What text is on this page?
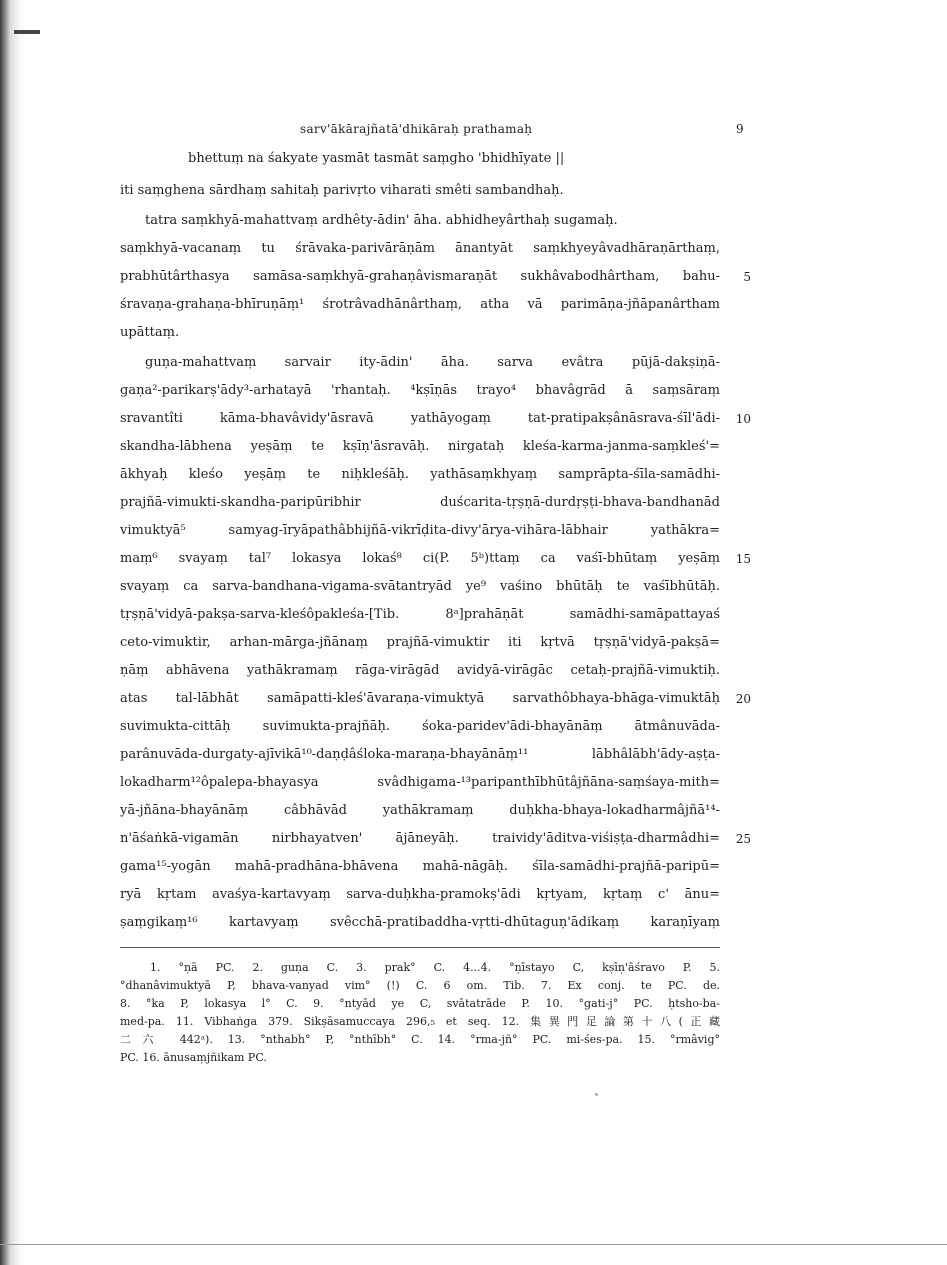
sarv'ākārajñatā'dhikāraḥ prathamaḥ	9
bhettuṃ na śakyate yasmāt tasmāt saṃgho 'bhidhīyate ||
iti saṃghena sārdhaṃ sahitaḥ parivṛto viharati smêti sambandhaḥ.
tatra saṃkhyā-mahattvaṃ ardhêty-ādin' āha. abhidheyârthaḥ sugamaḥ.
saṃkhyā-vacanaṃ tu śrāvaka-parivārāṇām ānantyāt saṃkhyeyâvadhāraṇārthaṃ,
prabhūtârthasya samāsa-saṃkhyā-grahaṇâvismaraṇāt sukhâvabodhârtham, bahu-
śravaṇa-grahaṇa-bhīruṇāṃ¹ śrotrâvadhānârthaṃ, atha vā parimāṇa-jñāpanârtham
upāttaṃ.
guṇa-mahattvaṃ sarvair ity-ādin' āha. sarva evâtra pūjā-dakṣiṇā-
gaṇa²-parikarṣ'ādy³-arhatayā 'rhantaḥ. ⁴kṣīṇās trayo⁴ bhavâgrād ā saṃsāraṃ
sravantîti kāma-bhavâvidy'āsravā yathāyogaṃ tat-pratipakṣânāsrava-śīl'ādi-
skandha-lābhena yeṣāṃ te kṣīṇ'āsravāḥ. nirgataḥ kleśa-karma-janma-saṃkleś'=
ākhyaḥ kleśo yeṣāṃ te niḥkleśāḥ. yathāsaṃkhyaṃ samprāpta-śīla-samādhi-
prajñā-vimukti-skandha-paripūribhir duścarita-tṛṣṇā-durdṛṣṭi-bhava-bandhanād
vimuktyā⁵ samyag-īryāpathâbhijñā-vikrīḍita-divy'ārya-vihāra-lābhair yathākra=
maṃ⁶ svayaṃ tal⁷ lokasya lokaś⁸ ci(P. 5ᵇ)ttaṃ ca vaśī-bhūtaṃ yeṣāṃ
svayaṃ ca sarva-bandhana-vigama-svātantryād ye⁹ vaśino bhūtāḥ te vaśībhūtāḥ.
tṛṣṇā'vidyā-pakṣa-sarva-kleśôpakleśa-[Tib. 8ᵃ]prahāṇāt samādhi-samāpattayaś
ceto-vimuktir, arhan-mārga-jñānaṃ prajñā-vimuktir iti kṛtvā tṛṣṇā'vidyā-pakṣā=
ṇāṃ abhāvena yathākramaṃ rāga-virāgād avidyā-virāgāc cetaḥ-prajñā-vimuktiḥ.
atas tal-lābhāt samāpatti-kleś'āvaraṇa-vimuktyā sarvathôbhaya-bhāga-vimuktāḥ
suvimukta-cittāḥ suvimukta-prajñāḥ. śoka-paridev'ādi-bhayānāṃ ātmânuvāda-
parânuvāda-durgaty-ajīvikā¹⁰-daṇḍâśloka-maraṇa-bhayānāṃ¹¹ lābhâlābh'ādy-aṣṭa-
lokadharm¹²ôpalepa-bhayasya svâdhigama-¹³paripanthībhūtâjñāna-saṃśaya-mith=
yā-jñāna-bhayānāṃ câbhāvād yathākramaṃ duḥkha-bhaya-lokadharmâjñā¹⁴-
n'āśaṅkā-vigamān nirbhayatven' ājāneyāḥ. traividy'āditva-viśiṣṭa-dharmâdhi=
gama¹⁵-yogān mahā-pradhāna-bhāvena mahā-nāgāḥ. śīla-samādhi-prajñā-paripū=
ryā kṛtam avaśya-kartavyaṃ sarva-duḥkha-pramokṣ'ādi kṛtyam, kṛtaṃ c' ānu=
ṣaṃgikaṃ¹⁶ kartavyaṃ svêcchā-pratibaddha-vṛtti-dhūtaguṇ'ādikaṃ karaṇīyaṃ
5
10
15
20
25
1. °ṇā PC. 2. guṇa C. 3. prak° C. 4...4. °ṇīstayo C, kṣīṇ'āśravo P. 5.
°dhanâvimuktyā P, bhava-vanyad vim° (!) C. 6 om. Tib. 7. Ex conj. te PC. de.
8. °ka P, lokasya l° C. 9. °ntyād ye C, svātatrāde P. 10. °gati-j° PC. ḥtsho-ba-
med-pa. 11. Vibhaṅga 379. Sikṣāsamuccaya 296,₅ et seq. 12. 集異門足論第十八(正藏
二六 442ᵃ). 13. °nthabh° P, °nthībh° C. 14. °rma-jñ° PC. mi-śes-pa. 15. °rmâvig°
PC. 16. ānusaṃjñikam PC.
